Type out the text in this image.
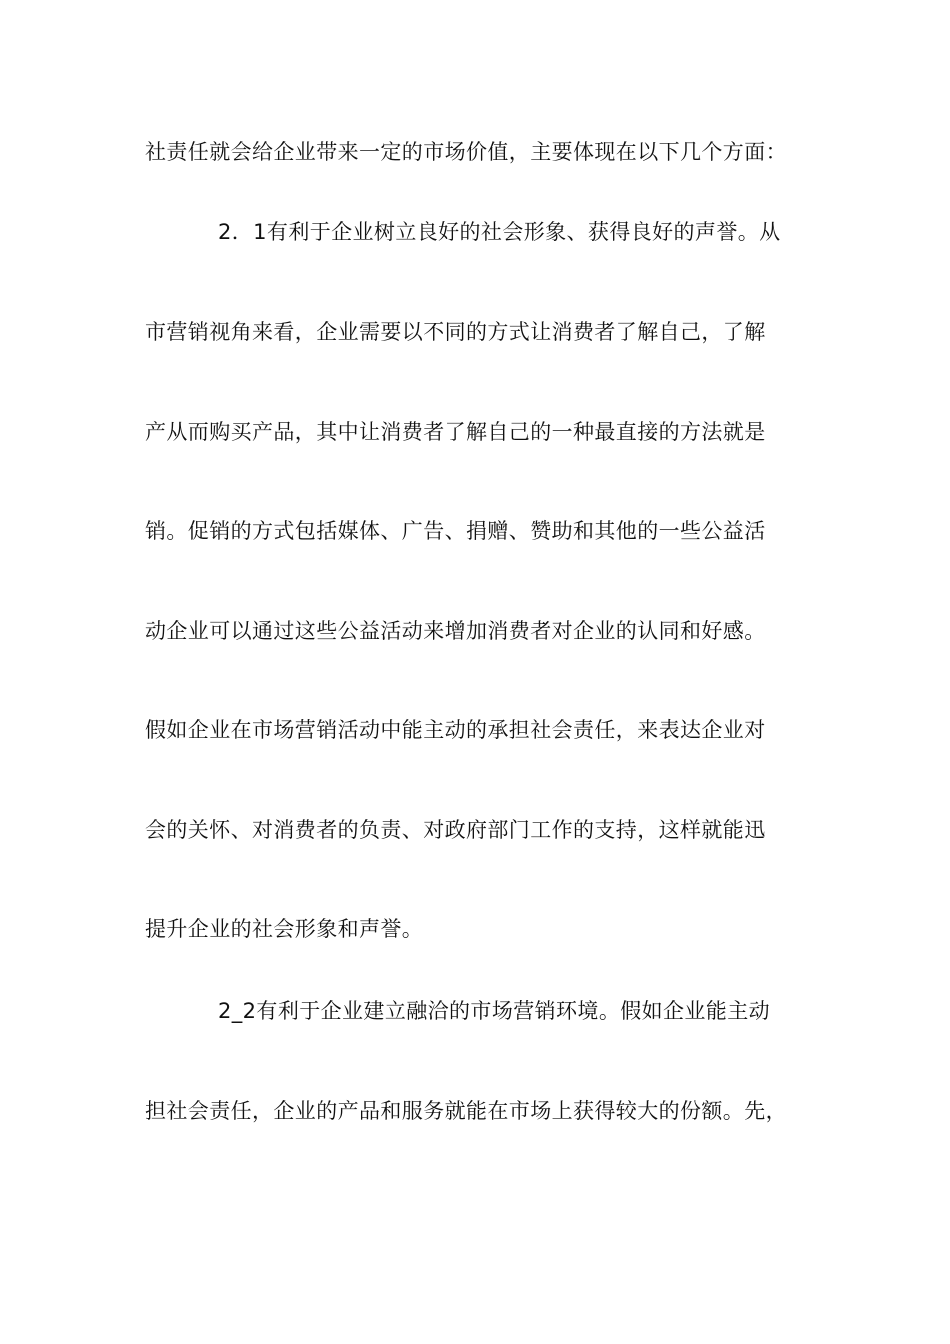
社责任就会给企业带来一定的市场价值，主要体现在以下几个方面：

2．1有利于企业树立良好的社会形象、获得良好的声誉。从

市营销视角来看，企业需要以不同的方式让消费者了解自己，了解

产从而购买产品，其中让消费者了解自己的一种最直接的方法就是

销。促销的方式包括媒体、广告、捐赠、赞助和其他的一些公益活

动企业可以通过这些公益活动来增加消费者对企业的认同和好感。

假如企业在市场营销活动中能主动的承担社会责任，来表达企业对

会的关怀、对消费者的负责、对政府部门工作的支持，这样就能迅

提升企业的社会形象和声誉。

2_2有利于企业建立融洽的市场营销环境。假如企业能主动

担社会责任，企业的产品和服务就能在市场上获得较大的份额。先，
